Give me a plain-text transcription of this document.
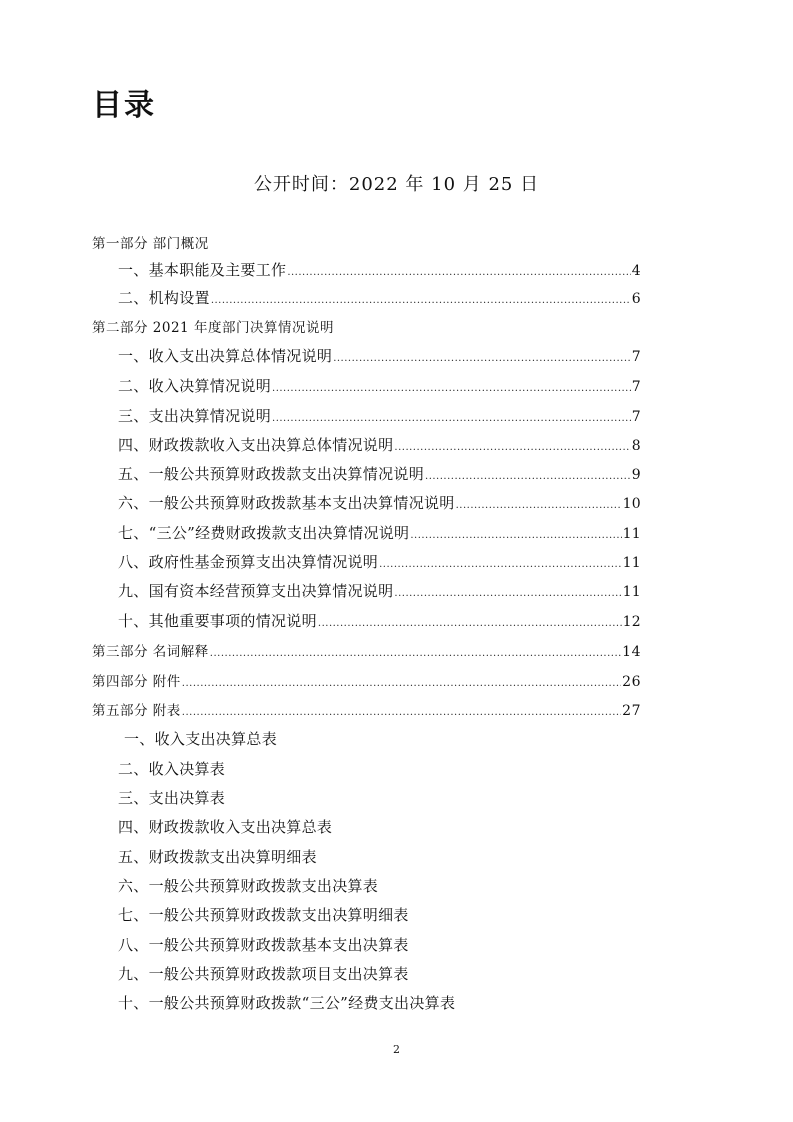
目录
公开时间：2022 年 10 月 25 日
第一部分 部门概况
一、基本职能及主要工作 .....	4
二、机构设置 .....	6
第二部分 2021 年度部门决算情况说明
一、收入支出决算总体情况说明 .....	7
二、收入决算情况说明 .....	7
三、支出决算情况说明 .....	7
四、财政拨款收入支出决算总体情况说明 .....	8
五、一般公共预算财政拨款支出决算情况说明 .....	9
六、一般公共预算财政拨款基本支出决算情况说明 .....	10
七、“三公”经费财政拨款支出决算情况说明 .....	11
八、政府性基金预算支出决算情况说明 .....	11
九、国有资本经营预算支出决算情况说明 .....	11
十、其他重要事项的情况说明 .....	12
第三部分 名词解释 .....	14
第四部分 附件 .....	26
第五部分 附表 .....	27
一、收入支出决算总表
二、收入决算表
三、支出决算表
四、财政拨款收入支出决算总表
五、财政拨款支出决算明细表
六、一般公共预算财政拨款支出决算表
七、一般公共预算财政拨款支出决算明细表
八、一般公共预算财政拨款基本支出决算表
九、一般公共预算财政拨款项目支出决算表
十、一般公共预算财政拨款“三公”经费支出决算表
2
